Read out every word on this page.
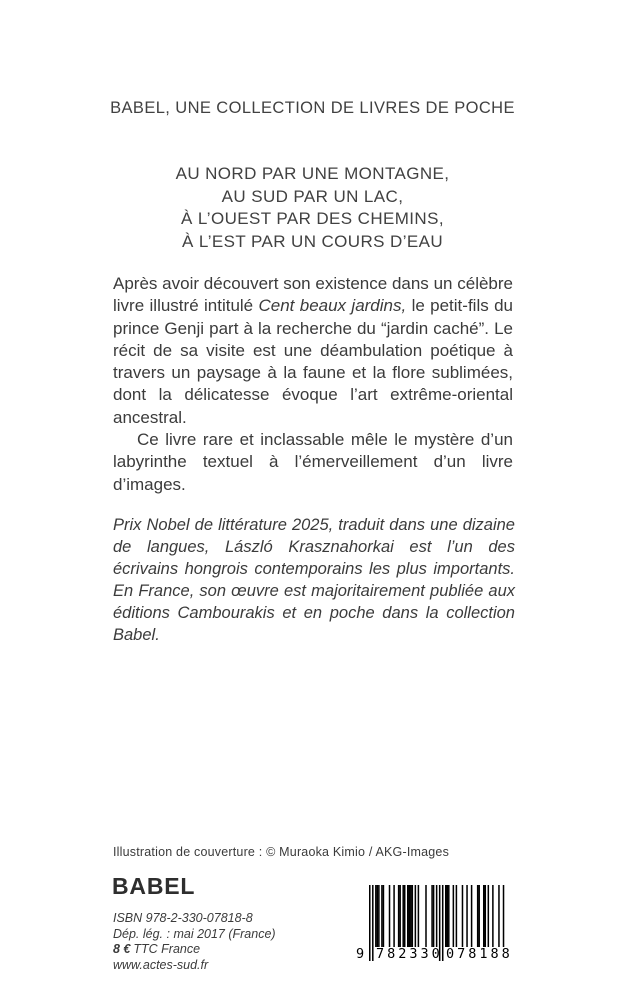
BABEL, UNE COLLECTION DE LIVRES DE POCHE
AU NORD PAR UNE MONTAGNE,
AU SUD PAR UN LAC,
À L’OUEST PAR DES CHEMINS,
À L’EST PAR UN COURS D’EAU

Après avoir découvert son existence dans un célèbre livre illustré intitulé Cent beaux jardins, le petit-fils du prince Genji part à la recherche du “jardin caché”. Le récit de sa visite est une déambulation poétique à travers un paysage à la faune et la flore sublimées, dont la délicatesse évoque l’art extrême-oriental ancestral.

Ce livre rare et inclassable mêle le mystère d’un labyrinthe textuel à l’émerveillement d’un livre d’images.

Prix Nobel de littérature 2025, traduit dans une dizaine de langues, László Krasznahorkai est l’un des écrivains hongrois contemporains les plus importants. En France, son œuvre est majoritairement publiée aux éditions Cambourakis et en poche dans la collection Babel.
Illustration de couverture : © Muraoka Kimio / AKG-Images
BABEL
ISBN 978-2-330-07818-8
Dép. lég. : mai 2017 (France)
8 € TTC France
www.actes-sud.fr
9 782330 078188
